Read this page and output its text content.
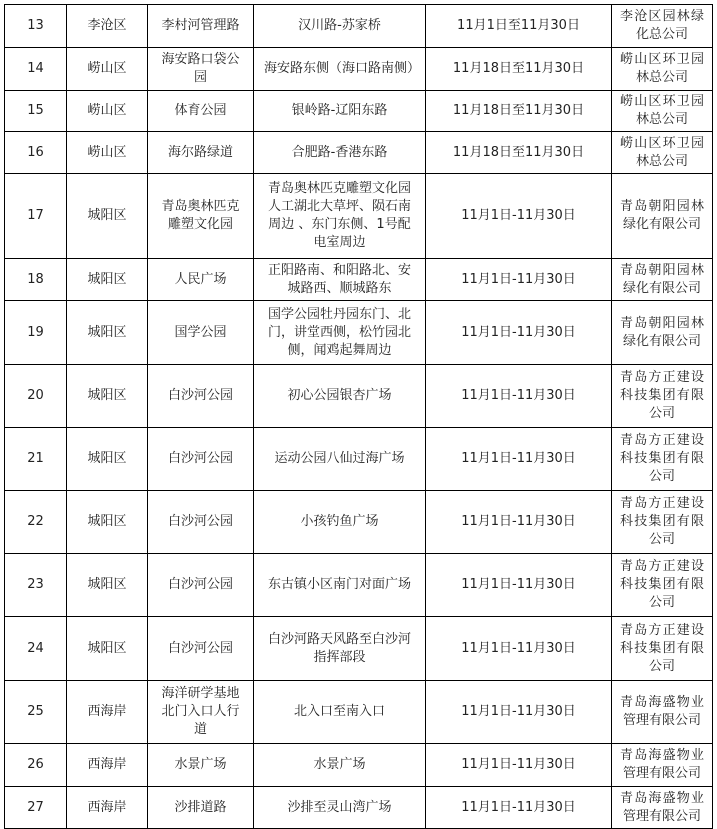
13	李沧区	李村河管理路	汉川路-苏家桥	11月1日至11月30日	李沧区园林绿化总公司
14	崂山区	海安路口袋公园	海安路东侧（海口路南侧）	11月18日至11月30日	崂山区环卫园林总公司
15	崂山区	体育公园	银岭路-辽阳东路	11月18日至11月30日	崂山区环卫园林总公司
16	崂山区	海尔路绿道	合肥路-香港东路	11月18日至11月30日	崂山区环卫园林总公司
17	城阳区	青岛奥林匹克雕塑文化园	青岛奥林匹克雕塑文化园人工湖北大草坪、陨石南周边 、东门东侧、1号配电室周边	11月1日-11月30日	青岛朝阳园林绿化有限公司
18	城阳区	人民广场	正阳路南、和阳路北、安城路西、顺城路东	11月1日-11月30日	青岛朝阳园林绿化有限公司
19	城阳区	国学公园	国学公园牡丹园东门、北门，讲堂西侧，松竹园北侧，闻鸡起舞周边	11月1日-11月30日	青岛朝阳园林绿化有限公司
20	城阳区	白沙河公园	初心公园银杏广场	11月1日-11月30日	青岛方正建设科技集团有限公司
21	城阳区	白沙河公园	运动公园八仙过海广场	11月1日-11月30日	青岛方正建设科技集团有限公司
22	城阳区	白沙河公园	小孩钓鱼广场	11月1日-11月30日	青岛方正建设科技集团有限公司
23	城阳区	白沙河公园	东古镇小区南门对面广场	11月1日-11月30日	青岛方正建设科技集团有限公司
24	城阳区	白沙河公园	白沙河路天风路至白沙河指挥部段	11月1日-11月30日	青岛方正建设科技集团有限公司
25	西海岸	海洋研学基地北门入口人行道	北入口至南入口	11月1日-11月30日	青岛海盛物业管理有限公司
26	西海岸	水景广场	水景广场	11月1日-11月30日	青岛海盛物业管理有限公司
27	西海岸	沙排道路	沙排至灵山湾广场	11月1日-11月30日	青岛海盛物业管理有限公司
